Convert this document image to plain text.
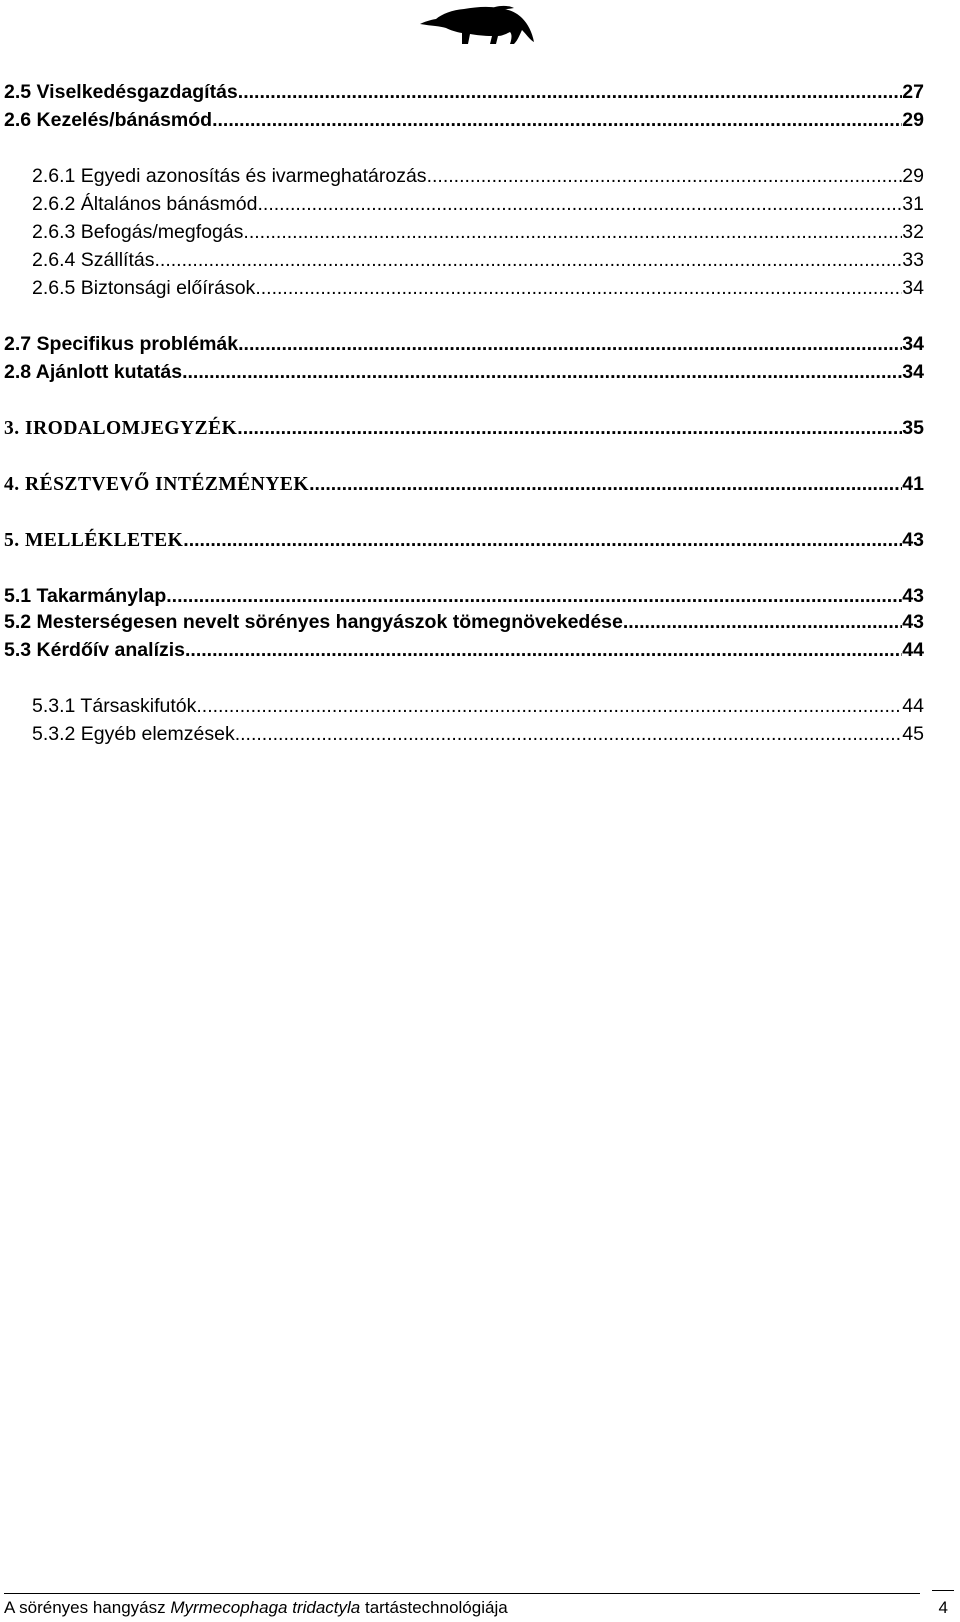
2.5 Viselkedésgazdagítás .....	27
2.6 Kezelés/bánásmód .....	29
2.6.1 Egyedi azonosítás és ivarmeghatározás .....	29
2.6.2 Általános bánásmód .....	31
2.6.3 Befogás/megfogás .....	32
2.6.4 Szállítás .....	33
2.6.5 Biztonsági előírások .....	34
2.7 Specifikus problémák .....	34
2.8 Ajánlott kutatás .....	34
3. IRODALOMJEGYZÉK .....	35
4. RÉSZTVEVŐ INTÉZMÉNYEK .....	41
5. MELLÉKLETEK .....	43
5.1 Takarmánylap .....	43
5.2 Mesterségesen nevelt sörényes hangyászok tömegnövekedése .....	43
5.3 Kérdőív analízis .....	44
5.3.1 Társaskifutók .....	44
5.3.2 Egyéb elemzések .....	45
A sörényes hangyász Myrmecophaga tridactyla tartástechnológiája	4
